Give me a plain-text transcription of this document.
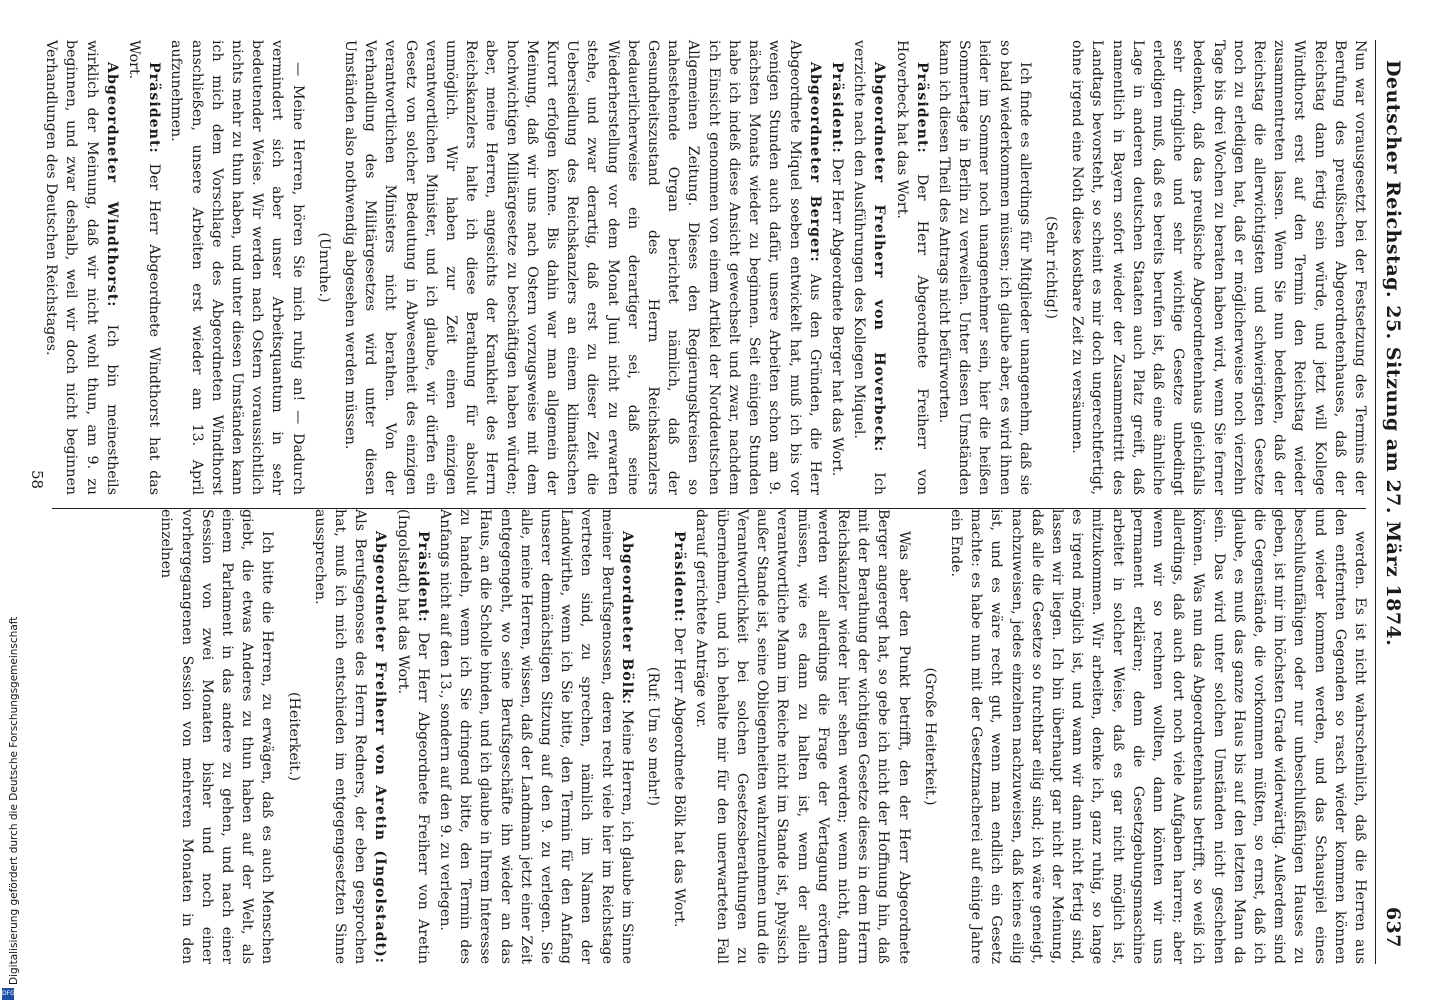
Deutscher Reichstag. 25. Sitzung am 27. März 1874.
637

Nun war vorausgesetzt bei der Festsetzung des Termins der Berufung des preußischen Abgeordnetenhauses, daß der Reichstag dann fertig sein würde, und jetzt will Kollege Windthorst erst auf den Termin den Reichstag wieder zusammentreten lassen. Wenn Sie nun bedenken, daß der Reichstag die allerwichtigsten und schwierigsten Gesetze noch zu erledigen hat, daß er möglicherweise noch vierzehn Tage bis drei Wochen zu beraten haben wird, wenn Sie ferner bedenken, daß das preußische Abgeordnetenhaus gleichfalls sehr dringliche und sehr wichtige Gesetze unbedingt erledigen muß, daß es bereits berufen ist, daß eine ähnliche Lage in anderen deutschen Staaten auch Platz greift, daß namentlich in Bayern sofort wieder der Zusammentritt des Landtags bevorsteht, so scheint es mir doch ungerechtfertigt, ohne irgend eine Noth diese kostbare Zeit zu versäumen.

(Sehr richtig!)

Ich finde es allerdings für Mitglieder unangenehm, daß sie so bald wiederkommen müssen; ich glaube aber, es wird ihnen leider im Sommer noch unangenehmer sein, hier die heißen Sommertage in Berlin zu verweilen. Unter diesen Umständen kann ich diesen Theil des Antrags nicht befürworten.

Präsident: Der Herr Abgeordnete Freiherr von Hoverbeck hat das Wort.

Abgeordneter Freiherr von Hoverbeck: Ich verzichte nach den Ausführungen des Kollegen Miquel.

Präsident: Der Herr Abgeordnete Berger hat das Wort.

Abgeordneter Berger: Aus den Gründen, die Herr Abgeordnete Miquel soeben entwickelt hat, muß ich bis vor wenigen Stunden auch dafür, unsere Arbeiten schon am 9. nächsten Monats wieder zu beginnen. Seit einigen Stunden habe ich indeß diese Ansicht gewechselt und zwar, nachdem ich Einsicht genommen von einem Artikel der Norddeutschen Allgemeinen Zeitung. Dieses den Regierungskreisen so nahestehende Organ berichtet nämlich, daß der Gesundheitszustand des Herrn Reichskanzlers bedauerlicherweise ein derartiger sei, daß seine Wiederherstellung vor dem Monat Juni nicht zu erwarten stehe, und zwar derartig, daß erst zu dieser Zeit die Uebersiedlung des Reichskanzlers an einem klimatischen Kurort erfolgen könne. Bis dahin war man allgemein der Meinung, daß wir uns nach Ostern vorzugsweise mit dem hochwichtigen Militärgesetze zu beschäftigen haben würden; aber, meine Herren, angesichts der Krankheit des Herrn Reichskanzlers halte ich diese Berathung für absolut unmöglich. Wir haben zur Zeit einen einzigen verantwortlichen Minister, und ich glaube, wir dürfen ein Gesetz von solcher Bedeutung in Abwesenheit des einzigen verantwortlichen Ministers nicht berathen. Von der Verhandlung des Militärgesetzes wird unter diesen Umständen also nothwendig abgesehen werden müssen.

(Unruhe.)

— Meine Herren, hören Sie mich ruhig an! — Dadurch vermindert sich aber unser Arbeitsquantum in sehr bedeutender Weise. Wir werden nach Ostern voraussichtlich nichts mehr zu thun haben, und unter diesen Umständen kann ich mich dem Vorschlage des Abgeordneten Windthorst anschließen, unsere Arbeiten erst wieder am 13. April aufzunehmen.

Präsident: Der Herr Abgeordnete Windthorst hat das Wort.

Abgeordneter Windthorst: Ich bin meinestheils wirklich der Meinung, daß wir nicht wohl thun, am 9. zu beginnen, und zwar deshalb, weil wir doch nicht beginnen Verhandlungen des Deutschen Reichstages.

werden. Es ist nicht wahrscheinlich, daß die Herren aus den entfernten Gegenden so rasch wieder kommen können und wieder kommen werden, und das Schauspiel eines beschlußunfähigen oder nur unbeschlußfähigen Hauses zu geben, ist mir im höchsten Grade widerwärtig. Außerdem sind die Gegenstände, die vorkommen müßten, so ernst, daß ich glaube, es muß das ganze Haus bis auf den letzten Mann da sein. Das wird unter solchen Umständen nicht geschehen können. Was nun das Abgeordnetenhaus betrifft, so weiß ich allerdings, daß auch dort noch viele Aufgaben harren; aber wenn wir so rechnen wollten, dann könnten wir uns permanent erklären; denn die Gesetzgebungsmaschine arbeitet in solcher Weise, daß es gar nicht möglich ist, mitzukommen. Wir arbeiten, denke ich, ganz ruhig, so lange es irgend möglich ist, und wann wir dann nicht fertig sind, lassen wir liegen. Ich bin überhaupt gar nicht der Meinung, daß alle die Gesetze so furchtbar eilig sind; ich wäre geneigt, nachzuweisen, jedes einzelnen nachzuweisen, daß keines eilig ist, und es wäre recht gut, wenn man endlich ein Gesetz machte: es habe nun mit der Gesetzmacherei auf einige Jahre ein Ende.

(Große Heiterkeit.)

Was aber den Punkt betrifft, den der Herr Abgeordnete Berger angeregt hat, so gebe ich nicht der Hoffnung hin, daß mit der Berathung der wichtigen Gesetze dieses in dem Herrn Reichskanzler wieder hier sehen werden; wenn nicht, dann werden wir allerdings die Frage der Vertagung erörtern müssen, wie es dann zu halten ist, wenn der allein verantwortliche Mann im Reiche nicht im Stande ist, physisch außer Stande ist, seine Obliegenheiten wahrzunehmen und die Verantwortlichkeit bei solchen Gesetzesberathungen zu übernehmen, und ich behalte mir für den unerwarteten Fall darauf gerichtete Anträge vor.

Präsident: Der Herr Abgeordnete Bölk hat das Wort.

(Ruf: Um so mehr!)

Abgeordneter Bölk: Meine Herren, ich glaube im Sinne meiner Berufsgenossen, deren recht viele hier im Reichstage vertreten sind, zu sprechen, nämlich im Namen der Landwirthe, wenn ich Sie bitte, den Termin für den Anfang unserer demnächstigen Sitzung auf den 9. zu verlegen. Sie alle, meine Herren, wissen, daß der Landmann jetzt einer Zeit entgegengeht, wo seine Berufsgeschäfte ihn wieder an das Haus, an die Scholle binden, und ich glaube in Ihrem Interesse zu handeln, wenn ich Sie dringend bitte, den Termin des Anfangs nicht auf den 13., sondern auf den 9. zu verlegen.

Präsident: Der Herr Abgeordnete Freiherr von Aretin (Ingolstadt) hat das Wort.

Abgeordneter Freiherr von Aretin (Ingolstadt): Als Berufsgenosse des Herrn Redners, der eben gesprochen hat, muß ich mich entschieden im entgegengesetzten Sinne aussprechen.

(Heiterkeit.)

Ich bitte die Herren, zu erwägen, daß es auch Menschen giebt, die etwas Anderes zu thun haben auf der Welt, als einem Parlament in das andere zu gehen, und nach einer Session von zwei Monaten bisher und noch einer vorhergegangenen Session von mehreren Monaten in den einzelnen

58
Digitalisierung gefördert durch die Deutsche Forschungsgemeinschaft
DFG
